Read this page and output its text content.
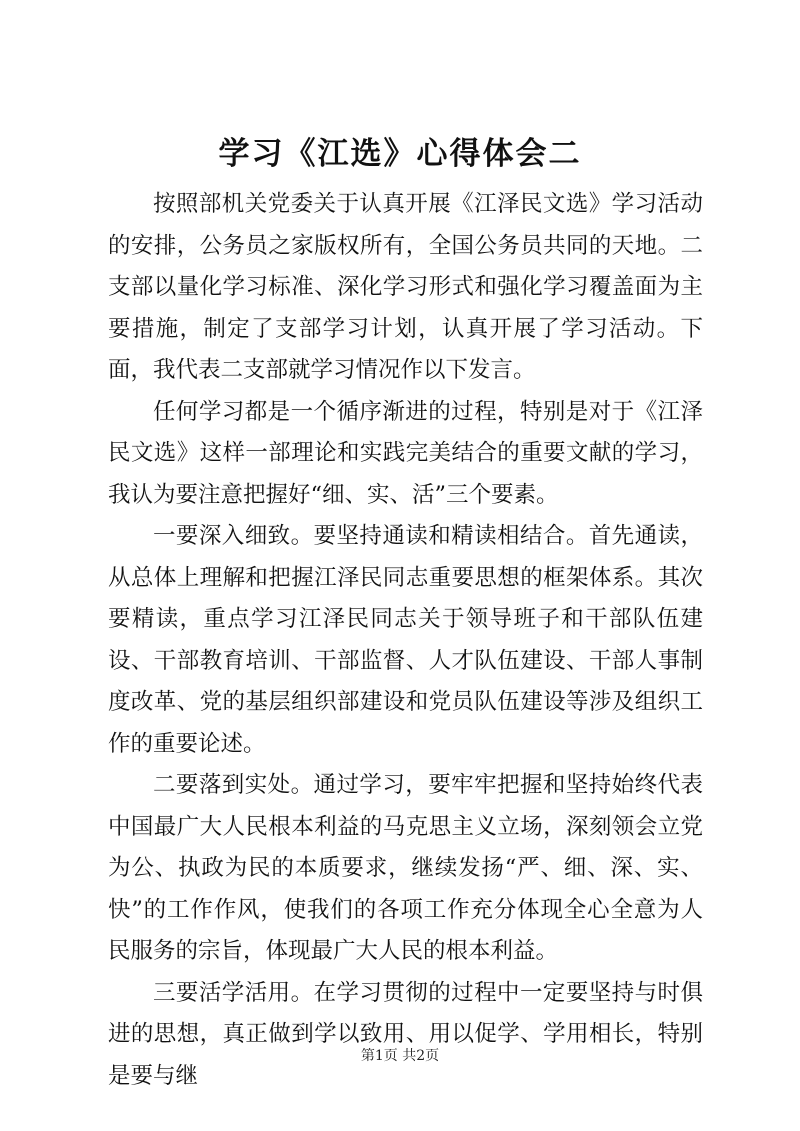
学习《江选》心得体会二

按照部机关党委关于认真开展《江泽民文选》学习活动的安排，公务员之家版权所有，全国公务员共同的天地。二支部以量化学习标准、深化学习形式和强化学习覆盖面为主要措施，制定了支部学习计划，认真开展了学习活动。下面，我代表二支部就学习情况作以下发言。

任何学习都是一个循序渐进的过程，特别是对于《江泽民文选》这样一部理论和实践完美结合的重要文献的学习，我认为要注意把握好“细、实、活”三个要素。

一要深入细致。要坚持通读和精读相结合。首先通读，从总体上理解和把握江泽民同志重要思想的框架体系。其次要精读，重点学习江泽民同志关于领导班子和干部队伍建设、干部教育培训、干部监督、人才队伍建设、干部人事制度改革、党的基层组织部建设和党员队伍建设等涉及组织工作的重要论述。

二要落到实处。通过学习，要牢牢把握和坚持始终代表中国最广大人民根本利益的马克思主义立场，深刻领会立党为公、执政为民的本质要求，继续发扬“严、细、深、实、快”的工作作风，使我们的各项工作充分体现全心全意为人民服务的宗旨，体现最广大人民的根本利益。

三要活学活用。在学习贯彻的过程中一定要坚持与时俱进的思想，真正做到学以致用、用以促学、学用相长，特别是要与继

第1页 共2页
